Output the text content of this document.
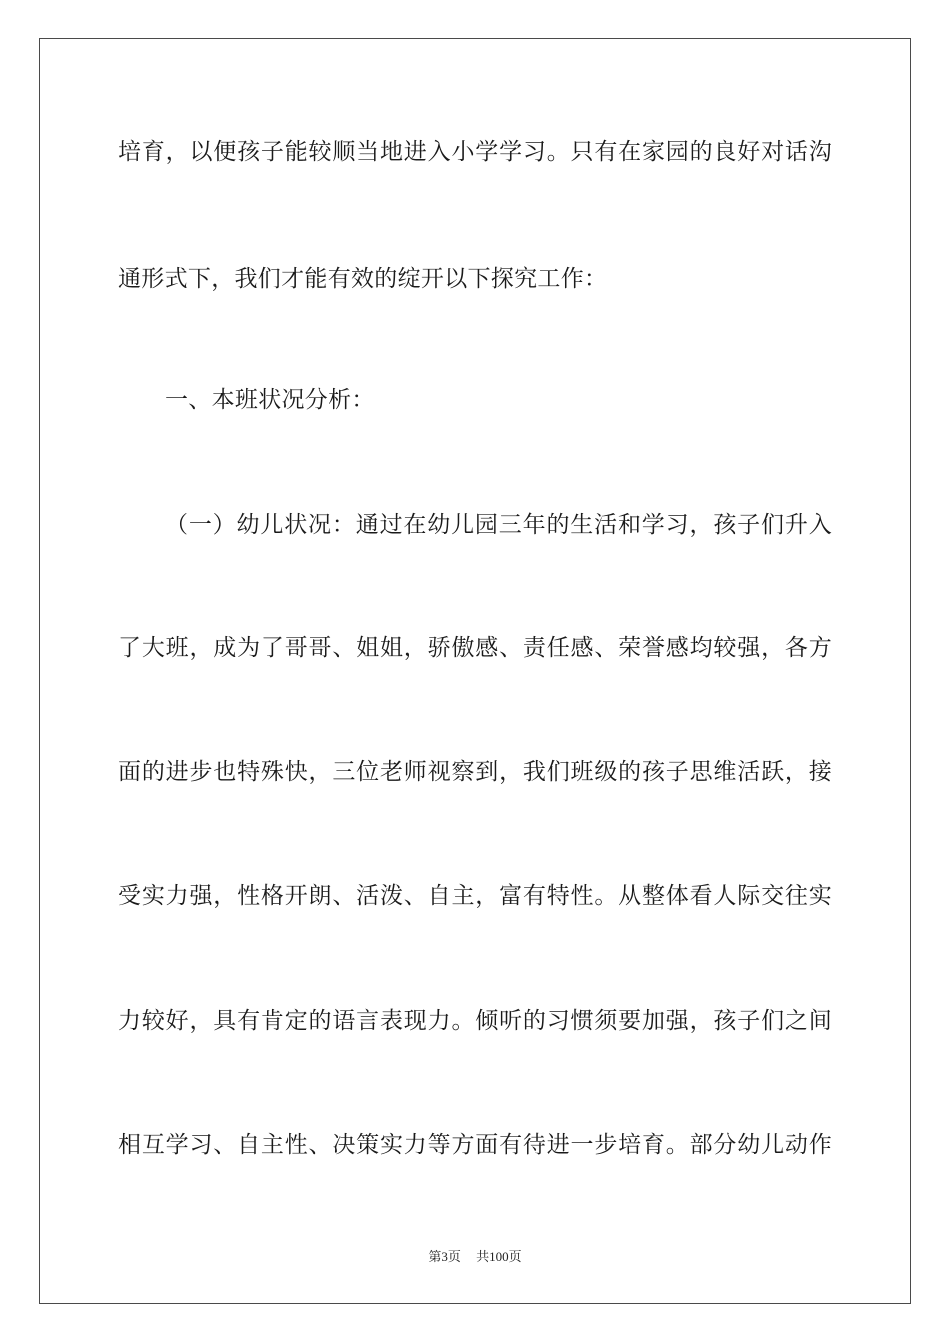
培育，以便孩子能较顺当地进入小学学习。只有在家园的良好对话沟
通形式下，我们才能有效的绽开以下探究工作：
一、本班状况分析：
（一）幼儿状况：通过在幼儿园三年的生活和学习，孩子们升入
了大班，成为了哥哥、姐姐，骄傲感、责任感、荣誉感均较强，各方
面的进步也特殊快，三位老师视察到，我们班级的孩子思维活跃，接
受实力强，性格开朗、活泼、自主，富有特性。从整体看人际交往实
力较好，具有肯定的语言表现力。倾听的习惯须要加强，孩子们之间
相互学习、自主性、决策实力等方面有待进一步培育。部分幼儿动作
第3页 共100页
